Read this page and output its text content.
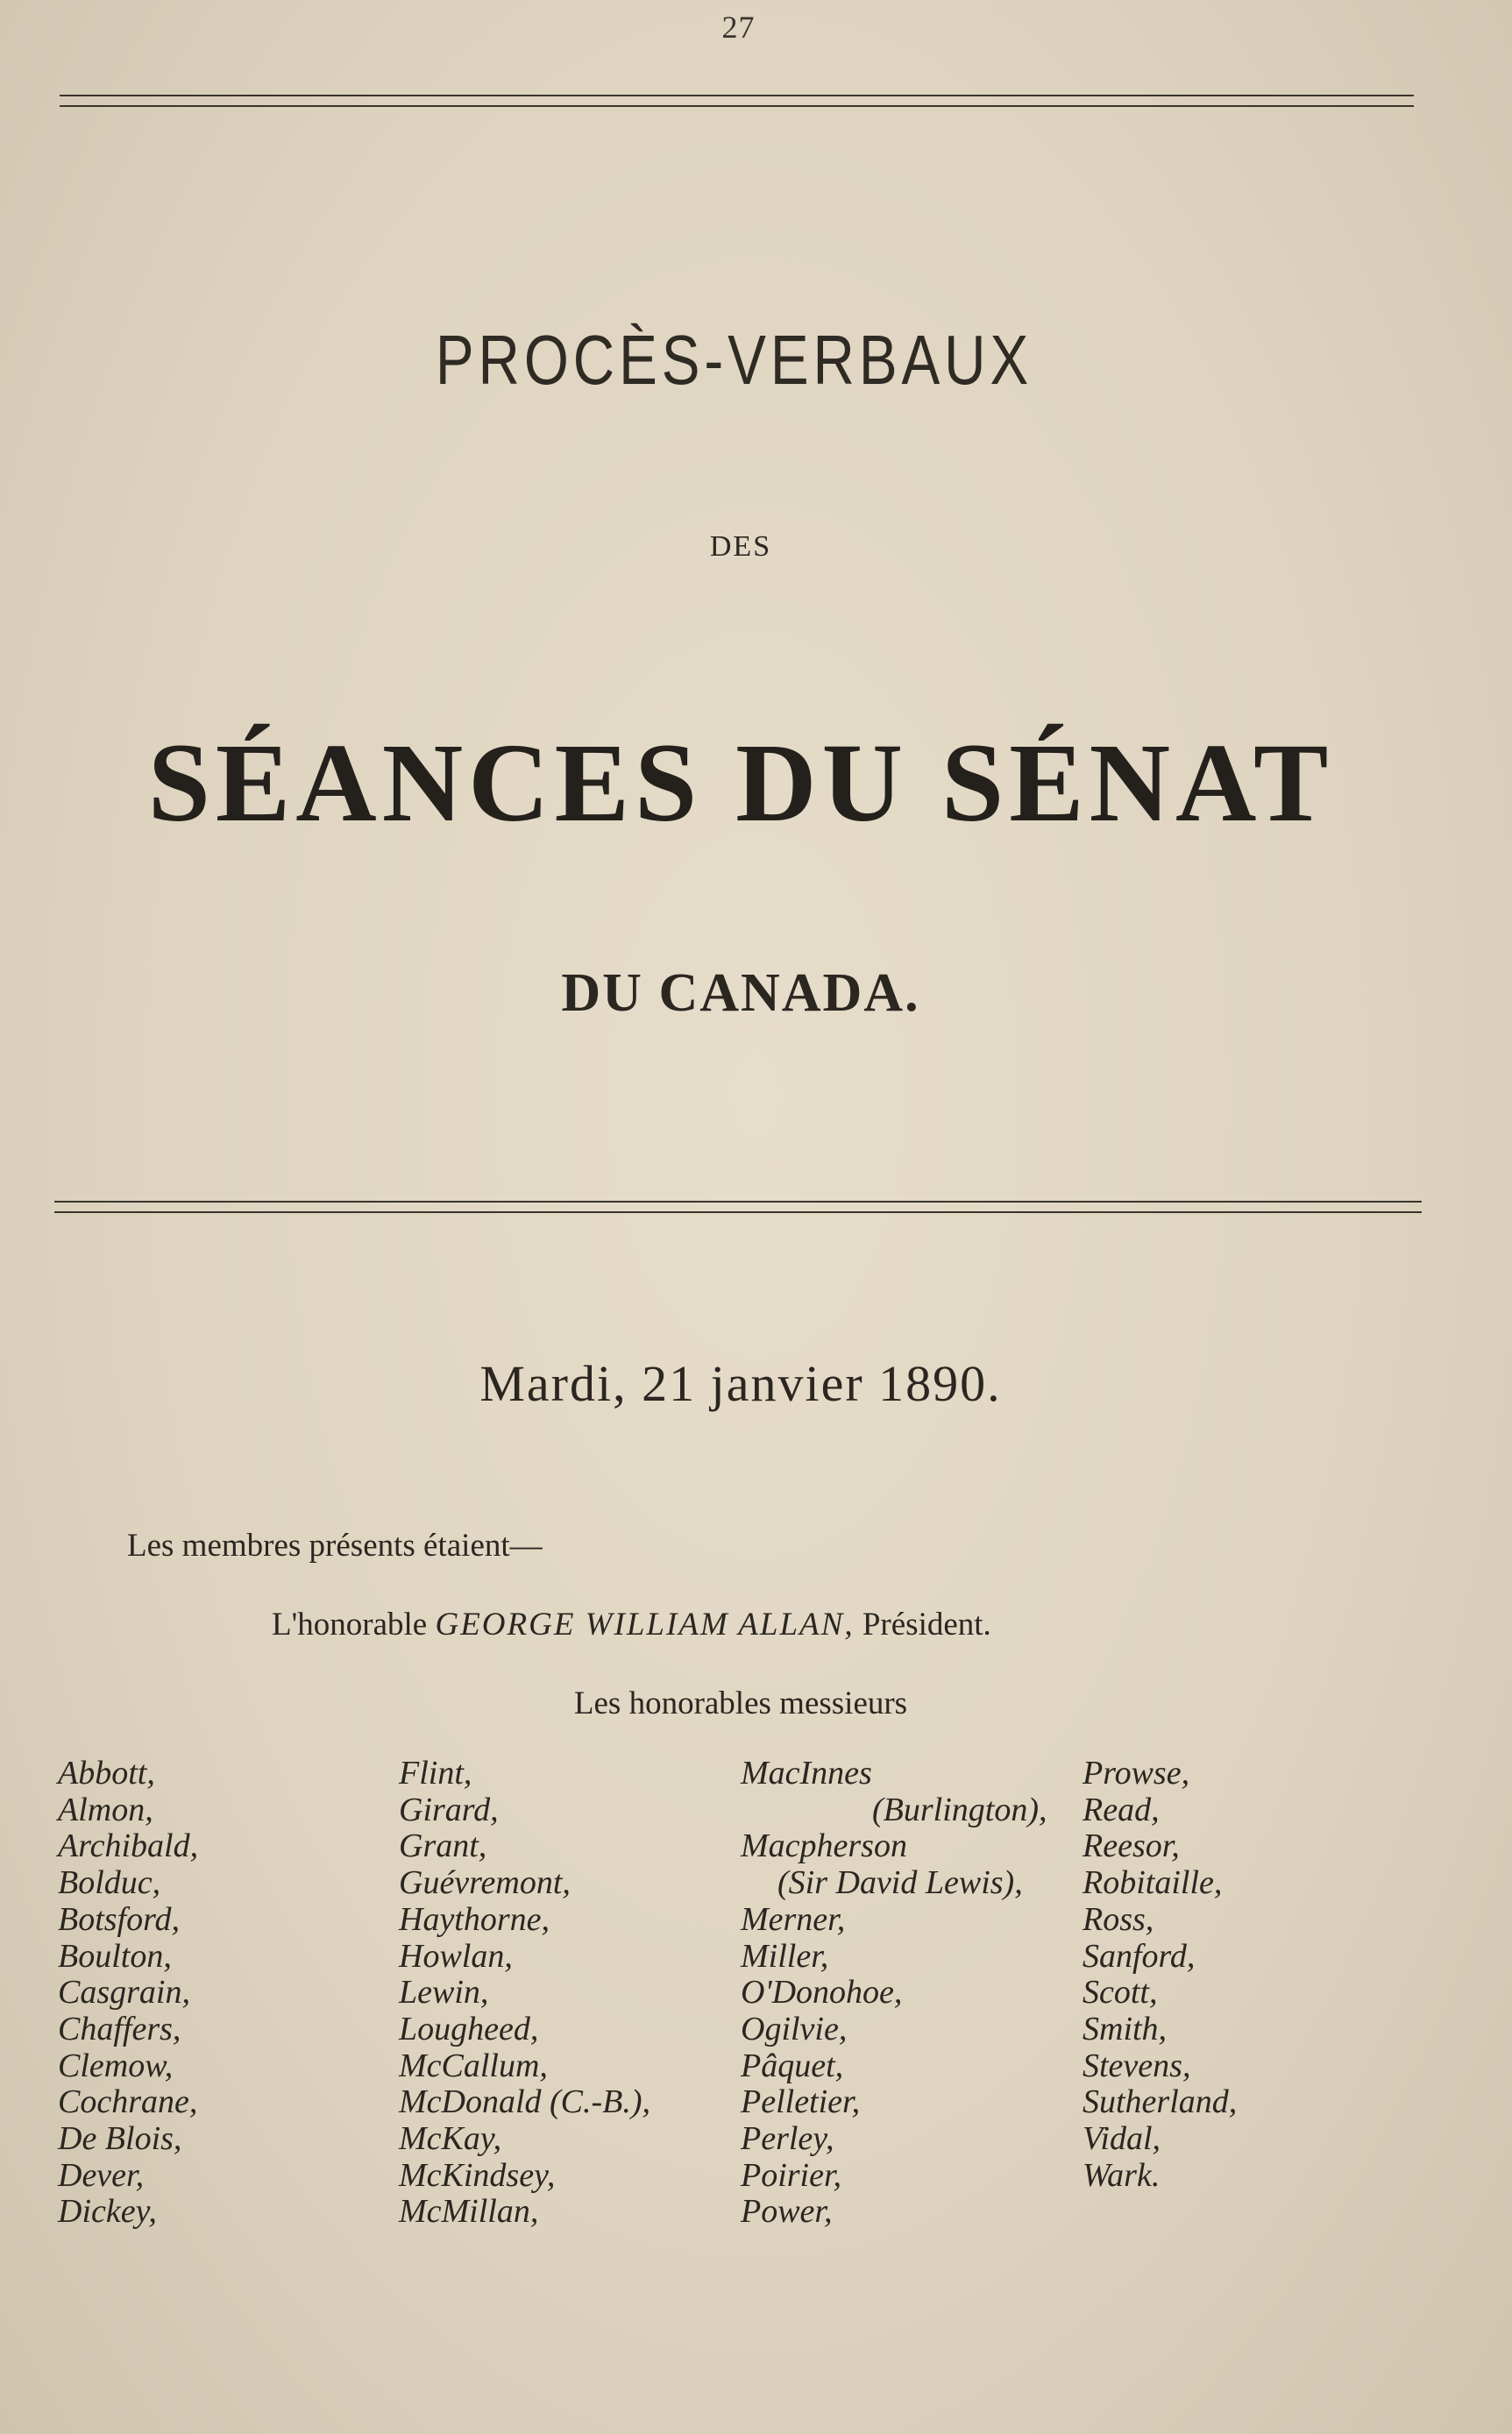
27
PROCÈS-VERBAUX
DES
SÉANCES DU SÉNAT
DU CANADA.
Mardi, 21 janvier 1890.
Les membres présents étaient—
L'honorable GEORGE WILLIAM ALLAN, Président.
Les honorables messieurs
Abbott,
Almon,
Archibald,
Bolduc,
Botsford,
Boulton,
Casgrain,
Chaffers,
Clemow,
Cochrane,
De Blois,
Dever,
Dickey,
Flint,
Girard,
Grant,
Guévremont,
Haythorne,
Howlan,
Lewin,
Lougheed,
McCallum,
McDonald (C.-B.),
McKay,
McKindsey,
McMillan,
MacInnes
(Burlington),
Macpherson
(Sir David Lewis),
Merner,
Miller,
O'Donohoe,
Ogilvie,
Pâquet,
Pelletier,
Perley,
Poirier,
Power,
Prowse,
Read,
Reesor,
Robitaille,
Ross,
Sanford,
Scott,
Smith,
Stevens,
Sutherland,
Vidal,
Wark.
